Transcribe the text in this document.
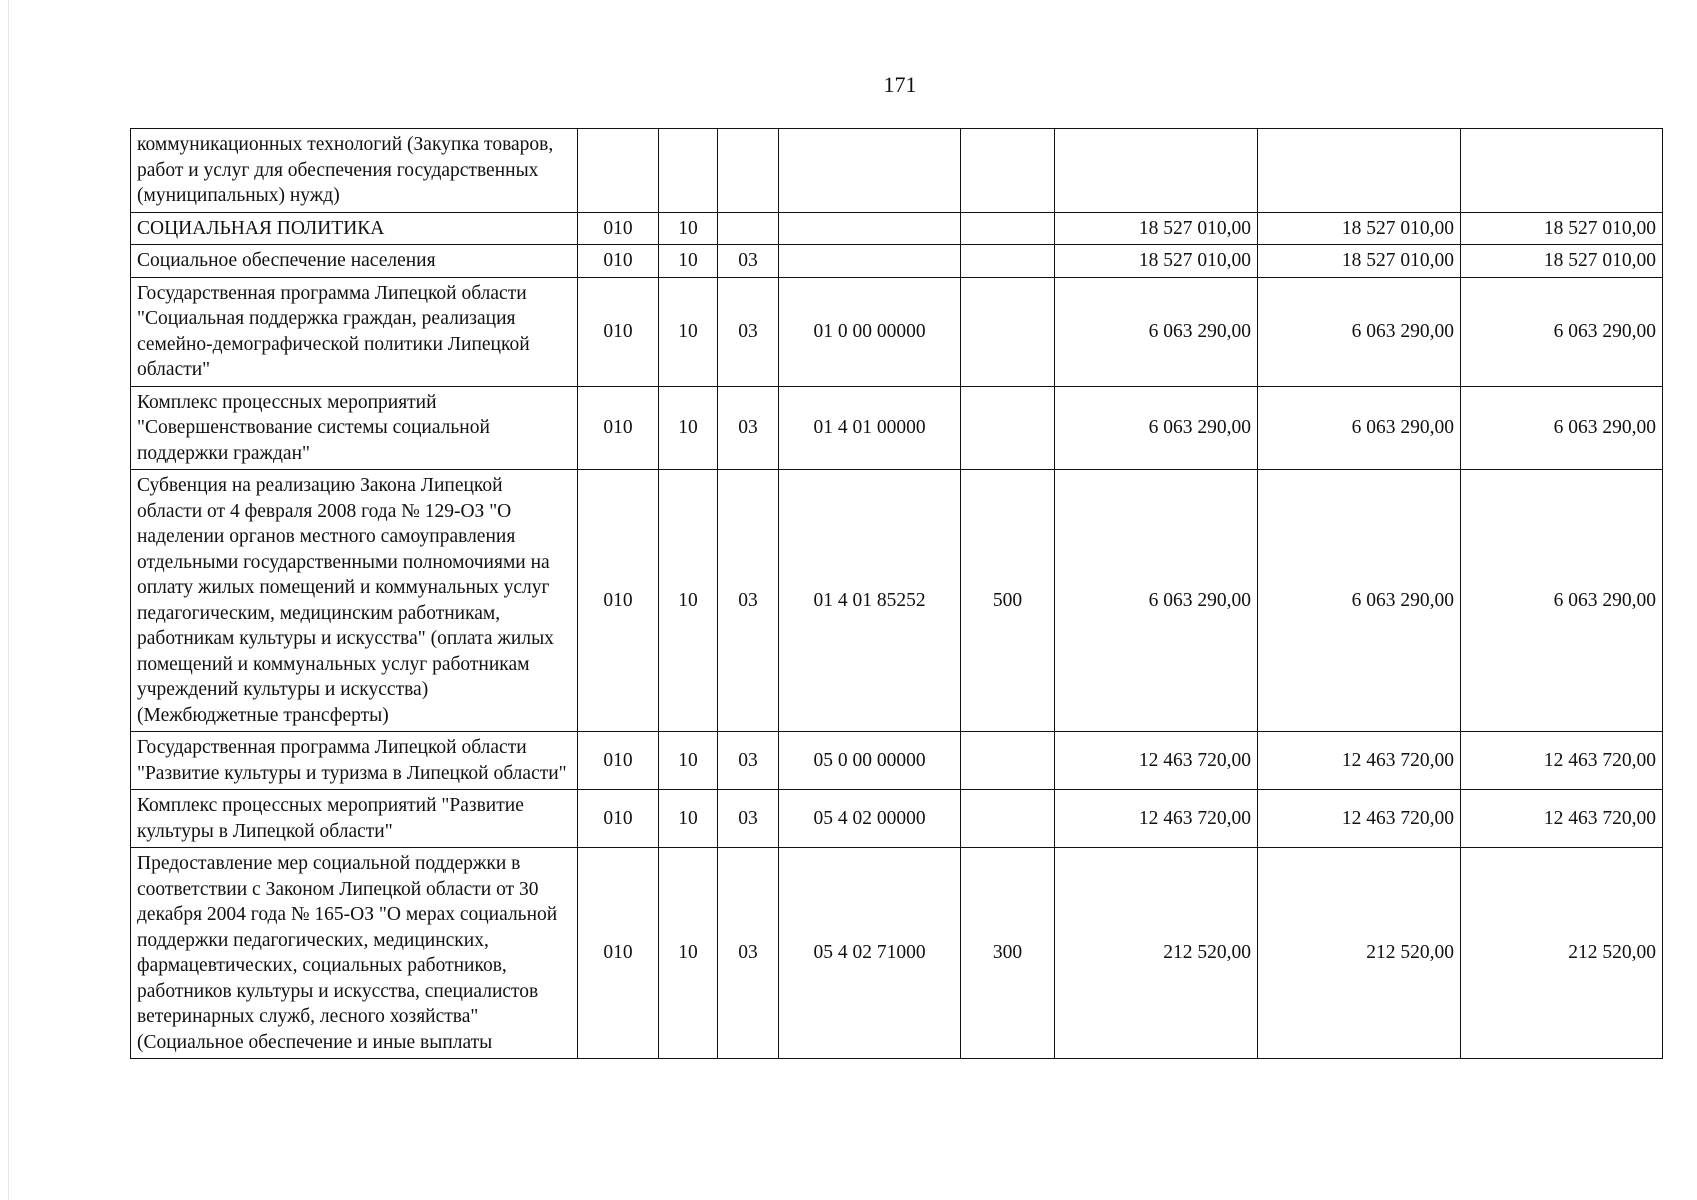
171
коммуникационных технологий (Закупка товаров, работ и услуг для обеспечения государственных (муниципальных) нужд)								
СОЦИАЛЬНАЯ ПОЛИТИКА	010	10				18 527 010,00	18 527 010,00	18 527 010,00
Социальное обеспечение населения	010	10	03			18 527 010,00	18 527 010,00	18 527 010,00
Государственная программа Липецкой области "Социальная поддержка граждан, реализация семейно-демографической политики Липецкой области"	010	10	03	01 0 00 00000		6 063 290,00	6 063 290,00	6 063 290,00
Комплекс процессных мероприятий "Совершенствование системы социальной поддержки граждан"	010	10	03	01 4 01 00000		6 063 290,00	6 063 290,00	6 063 290,00
Субвенция на реализацию Закона Липецкой области от 4 февраля 2008 года № 129-ОЗ "О наделении органов местного самоуправления отдельными государственными полномочиями на оплату жилых помещений и коммунальных услуг педагогическим, медицинским работникам, работникам культуры и искусства" (оплата жилых помещений и коммунальных услуг работникам учреждений культуры и искусства) (Межбюджетные трансферты)	010	10	03	01 4 01 85252	500	6 063 290,00	6 063 290,00	6 063 290,00
Государственная программа Липецкой области "Развитие культуры и туризма в Липецкой области"	010	10	03	05 0 00 00000		12 463 720,00	12 463 720,00	12 463 720,00
Комплекс процессных мероприятий "Развитие культуры в Липецкой области"	010	10	03	05 4 02 00000		12 463 720,00	12 463 720,00	12 463 720,00
Предоставление мер социальной поддержки в соответствии с Законом Липецкой области от 30 декабря 2004 года № 165-ОЗ "О мерах социальной поддержки педагогических, медицинских, фармацевтических, социальных работников, работников культуры и искусства, специалистов ветеринарных служб, лесного хозяйства" (Социальное обеспечение и иные выплаты	010	10	03	05 4 02 71000	300	212 520,00	212 520,00	212 520,00
